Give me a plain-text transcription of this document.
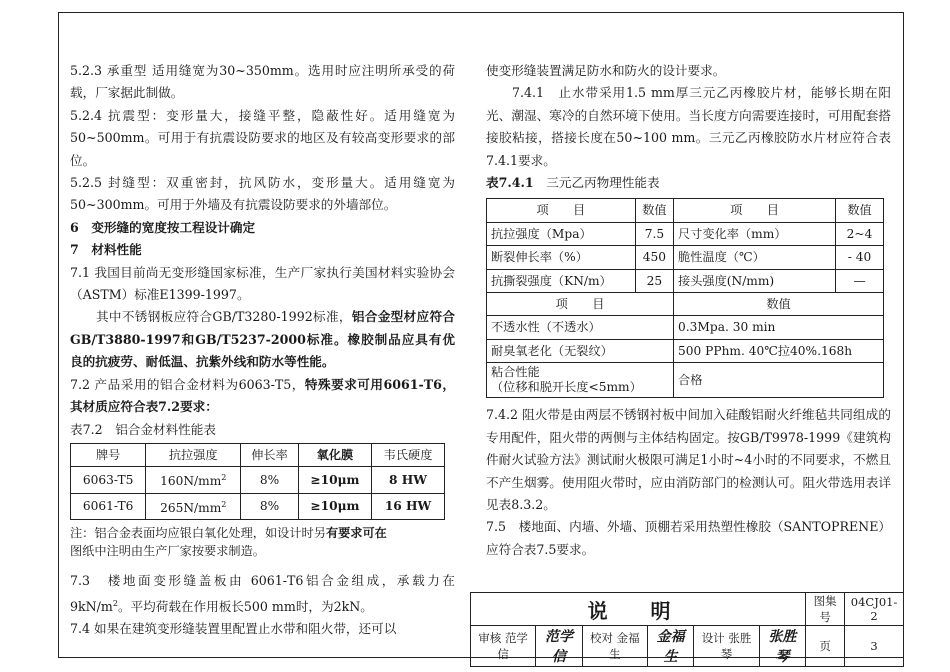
5.2.3 承重型 适用缝宽为30~350mm。选用时应注明所承受的荷载，厂家据此制做。

5.2.4 抗震型：变形量大，接缝平整，隐蔽性好。适用缝宽为50~500mm。可用于有抗震设防要求的地区及有较高变形要求的部位。

5.2.5 封缝型：双重密封，抗风防水，变形量大。适用缝宽为50~300mm。可用于外墙及有抗震设防要求的外墙部位。

6　变形缝的宽度按工程设计确定

7　材料性能

7.1 我国目前尚无变形缝国家标准，生产厂家执行美国材料实验协会（ASTM）标准E1399-1997。

其中不锈钢板应符合GB/T3280-1992标准，铝合金型材应符合GB/T3880-1997和GB/T5237-2000标准。橡胶制品应具有优良的抗疲劳、耐低温、抗紫外线和防水等性能。

7.2 产品采用的铝合金材料为6063-T5，特殊要求可用6061-T6，其材质应符合表7.2要求：

表7.2　铝合金材料性能表

牌号	抗拉强度	伸长率	氧化膜	韦氏硬度
6063-T5	$160N/mm^2$	8%	≥10μm	8 HW
6061-T6	$265N/mm^2$	8%	≥10μm	16 HW

注：铝合金表面均应银白氧化处理，如设计时另有要求可在
图纸中注明由生产厂家按要求制造。

7.3　楼地面变形缝盖板由 6061-T6铝合金组成，承载力在$9kN/m^2$。平均荷载在作用板长500 mm时，为2kN。

7.4 如果在建筑变形缝装置里配置止水带和阻火带，还可以

使变形缝装置满足防水和防火的设计要求。

7.4.1　止水带采用1.5 mm厚三元乙丙橡胶片材，能够长期在阳光、潮湿、寒冷的自然环境下使用。当长度方向需要连接时，可用配套搭接胶粘接，搭接长度在50~100 mm。三元乙丙橡胶防水片材应符合表7.4.1要求。

表7.4.1　三元乙丙物理性能表

项　　目	数值	项　　目	数值
抗拉强度（Mpa）	7.5	尺寸变化率（mm）	2~4
断裂伸长率（%）	450	脆性温度（℃）	- 40
抗撕裂强度（KN/m）	25	接头强度(N/mm)	—
项　　目		数值	
不透水性（不透水）		0.3Mpa. 30 min	
耐臭氧老化（无裂纹）		500 PPhm. 40℃拉40%.168h	
粘合性能
（位移和脱开长度<5mm）		合格	

7.4.2 阻火带是由两层不锈钢衬板中间加入硅酸铝耐火纤维毡共同组成的专用配件，阻火带的两侧与主体结构固定。按GB/T9978-1999《建筑构件耐火试验方法》测试耐火极限可满足1小时~4小时的不同要求，不燃且不产生烟雾。使用阻火带时，应由消防部门的检测认可。阻火带选用表详见表8.3.2。

7.5　楼地面、内墙、外墙、顶棚若采用热塑性橡胶（SANTOPRENE）应符合表7.5要求。

说 明						图集号	04CJ01-2
审核 范学信	范学信	校对 金福生	金福生	设计 张胜琴	张胜琴	页	3
